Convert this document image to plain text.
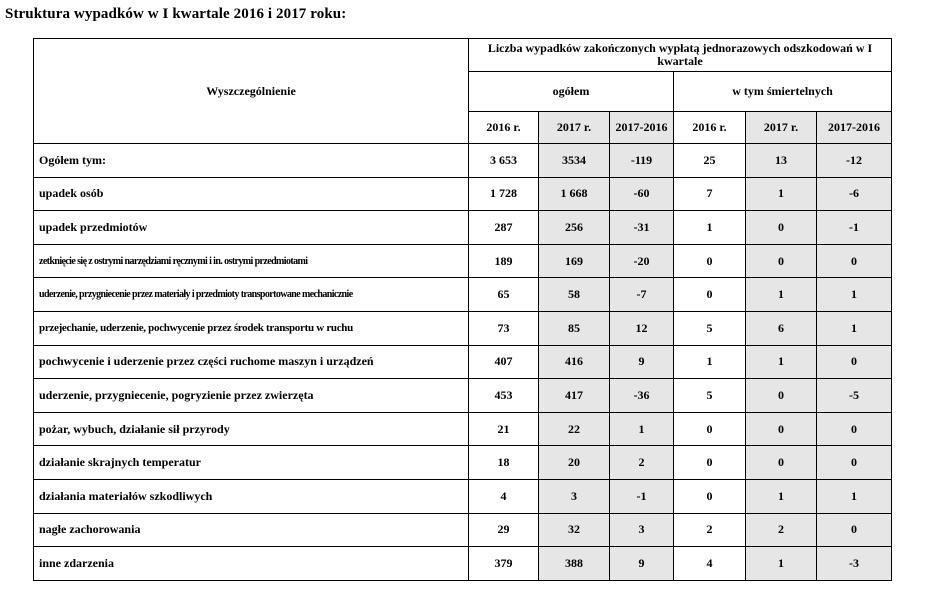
Struktura wypadków w I kwartale 2016 i 2017 roku:
Wyszczególnienie	Liczba wypadków zakończonych wypłatą jednorazowych odszkodowań w I kwartale					
	ogółem			w tym śmiertelnych		
	2016 r.	2017 r.	2017-2016	2016 r.	2017 r.	2017-2016
Ogółem tym:	3 653	3534	-119	25	13	-12
upadek osób	1 728	1 668	-60	7	1	-6
upadek przedmiotów	287	256	-31	1	0	-1
zetknięcie się z ostrymi narzędziami ręcznymi i in. ostrymi przedmiotami	189	169	-20	0	0	0
uderzenie, przygniecenie przez materiały i przedmioty transportowane mechanicznie	65	58	-7	0	1	1
przejechanie, uderzenie, pochwycenie przez środek transportu w ruchu	73	85	12	5	6	1
pochwycenie i uderzenie przez części ruchome maszyn i urządzeń	407	416	9	1	1	0
uderzenie, przygniecenie, pogryzienie przez zwierzęta	453	417	-36	5	0	-5
pożar, wybuch, działanie sił przyrody	21	22	1	0	0	0
działanie skrajnych temperatur	18	20	2	0	0	0
działania materiałów szkodliwych	4	3	-1	0	1	1
nagłe zachorowania	29	32	3	2	2	0
inne zdarzenia	379	388	9	4	1	-3
